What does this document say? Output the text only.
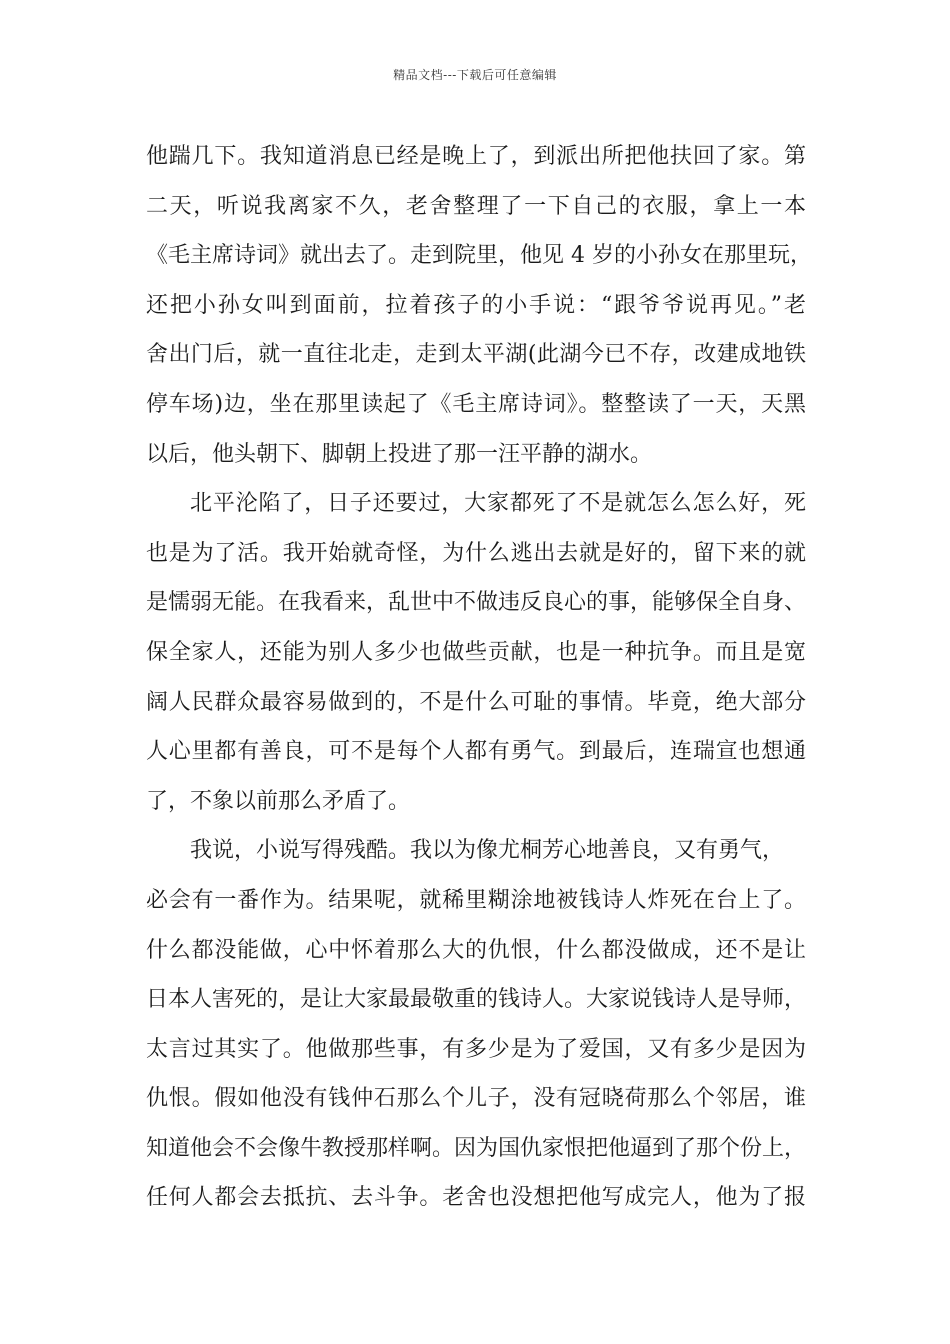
精品文档---下载后可任意编辑
他踹几下。我知道消息已经是晚上了，到派出所把他扶回了家。第
二天，听说我离家不久，老舍整理了一下自己的衣服，拿上一本
《毛主席诗词》就出去了。走到院里，他见 4 岁的小孙女在那里玩，
还把小孙女叫到面前，拉着孩子的小手说：“跟爷爷说再见。”老
舍出门后，就一直往北走，走到太平湖(此湖今已不存，改建成地铁
停车场)边，坐在那里读起了《毛主席诗词》。整整读了一天，天黑
以后，他头朝下、脚朝上投进了那一汪平静的湖水。
北平沦陷了，日子还要过，大家都死了不是就怎么怎么好，死
也是为了活。我开始就奇怪，为什么逃出去就是好的，留下来的就
是懦弱无能。在我看来，乱世中不做违反良心的事，能够保全自身、
保全家人，还能为别人多少也做些贡献，也是一种抗争。而且是宽
阔人民群众最容易做到的，不是什么可耻的事情。毕竟，绝大部分
人心里都有善良，可不是每个人都有勇气。到最后，连瑞宣也想通
了，不象以前那么矛盾了。
我说，小说写得残酷。我以为像尤桐芳心地善良，又有勇气，
必会有一番作为。结果呢，就稀里糊涂地被钱诗人炸死在台上了。
什么都没能做，心中怀着那么大的仇恨，什么都没做成，还不是让
日本人害死的，是让大家最最敬重的钱诗人。大家说钱诗人是导师，
太言过其实了。他做那些事，有多少是为了爱国，又有多少是因为
仇恨。假如他没有钱仲石那么个儿子，没有冠晓荷那么个邻居，谁
知道他会不会像牛教授那样啊。因为国仇家恨把他逼到了那个份上，
任何人都会去抵抗、去斗争。老舍也没想把他写成完人，他为了报
